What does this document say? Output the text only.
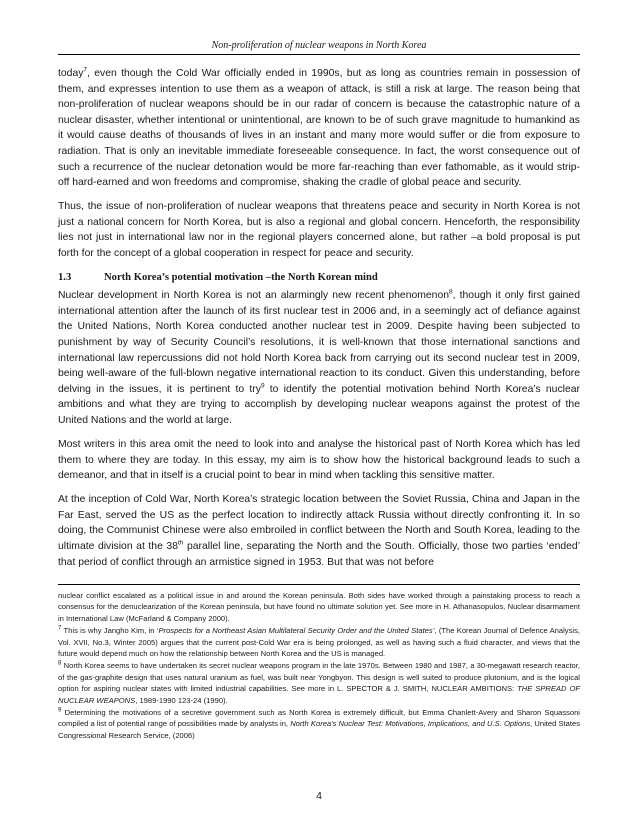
Non-proliferation of nuclear weapons in North Korea

today$^7$, even though the Cold War officially ended in 1990s, but as long as countries remain in possession of them, and expresses intention to use them as a weapon of attack, is still a risk at large. The reason being that non-proliferation of nuclear weapons should be in our radar of concern is because the catastrophic nature of a nuclear disaster, whether intentional or unintentional, are known to be of such grave magnitude to humankind as it would cause deaths of thousands of lives in an instant and many more would suffer or die from exposure to radiation. That is only an inevitable immediate foreseeable consequence. In fact, the worst consequence out of such a recurrence of the nuclear detonation would be more far-reaching than ever fathomable, as it would strip-off hard-earned and won freedoms and compromise, shaking the cradle of global peace and security.

Thus, the issue of non-proliferation of nuclear weapons that threatens peace and security in North Korea is not just a national concern for North Korea, but is also a regional and global concern. Henceforth, the responsibility lies not just in international law nor in the regional players concerned alone, but rather –a bold proposal is put forth for the concept of a global cooperation in respect for peace and security.

1.3	North Korea’s potential motivation –the North Korean mind

Nuclear development in North Korea is not an alarmingly new recent phenomenon$^8$, though it only first gained international attention after the launch of its first nuclear test in 2006 and, in a seemingly act of defiance against the United Nations, North Korea conducted another nuclear test in 2009. Despite having been subjected to punishment by way of Security Council’s resolutions, it is well-known that those international sanctions and international law repercussions did not hold North Korea back from carrying out its second nuclear test in 2009, being well-aware of the full-blown negative international reaction to its conduct. Given this understanding, before delving in the issues, it is pertinent to try$^9$ to identify the potential motivation behind North Korea’s nuclear ambitions and what they are trying to accomplish by developing nuclear weapons against the protest of the United Nations and the world at large.

Most writers in this area omit the need to look into and analyse the historical past of North Korea which has led them to where they are today. In this essay, my aim is to show how the historical background leads to such a demeanor, and that in itself is a crucial point to bear in mind when tackling this sensitive matter.

At the inception of Cold War, North Korea’s strategic location between the Soviet Russia, China and Japan in the Far East, served the US as the perfect location to indirectly attack Russia without directly confronting it. In so doing, the Communist Chinese were also embroiled in conflict between the North and South Korea, leading to the ultimate division at the 38th parallel line, separating the North and the South. Officially, those two parties ‘ended’ that period of conflict through an armistice signed in 1953. But that was not before

nuclear conflict escalated as a political issue in and around the Korean peninsula. Both sides have worked through a painstaking process to reach a consensus for the denuclearization of the Korean peninsula, but have found no ultimate solution yet. See more in H. Athanasopulos, Nuclear disarmament in International Law (McFarland & Company 2000).
$^7$ This is why Jangho Kim, in ‘Prospects for a Northeast Asian Multilateral Security Order and the United States’, (The Korean Journal of Defence Analysis, Vol. XVII, No.3, Winter 2005) argues that the current post-Cold War era is being prolonged, as well as having such a fluid character, and views that the future would depend much on how the relationship between North Korea and the US is managed.
$^8$ North Korea seems to have undertaken its secret nuclear weapons program in the late 1970s. Between 1980 and 1987, a 30-megawatt research reactor, of the gas-graphite design that uses natural uranium as fuel, was built near Yongbyon. This design is well suited to produce plutonium, and is the logical option for aspiring nuclear states with limited industrial capabilities. See more in L. SPECTOR & J. SMITH, NUCLEAR AMBITIONS: THE SPREAD OF NUCLEAR WEAPONS, 1989-1990 123-24 (1990).
$^9$ Determining the motivations of a secretive government such as North Korea is extremely difficult, but Emma Chanlett-Avery and Sharon Squassoni compiled a list of potential range of possibilities made by analysts in, North Korea's Nuclear Test: Motivations, Implications, and U.S. Options, United States Congressional Research Service, (2006)
4
